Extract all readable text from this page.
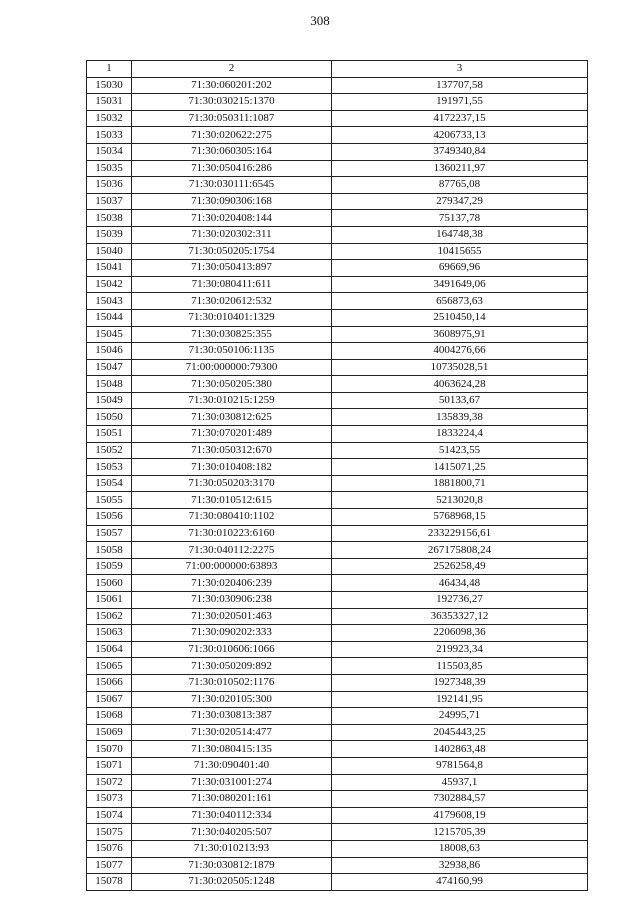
308
1	2	3
15030	71:30:060201:202	137707,58
15031	71:30:030215:1370	191971,55
15032	71:30:050311:1087	4172237,15
15033	71:30:020622:275	4206733,13
15034	71:30:060305:164	3749340,84
15035	71:30:050416:286	1360211,97
15036	71:30:030111:6545	87765,08
15037	71:30:090306:168	279347,29
15038	71:30:020408:144	75137,78
15039	71:30:020302:311	164748,38
15040	71:30:050205:1754	10415655
15041	71:30:050413:897	69669,96
15042	71:30:080411:611	3491649,06
15043	71:30:020612:532	656873,63
15044	71:30:010401:1329	2510450,14
15045	71:30:030825:355	3608975,91
15046	71:30:050106:1135	4004276,66
15047	71:00:000000:79300	10735028,51
15048	71:30:050205:380	4063624,28
15049	71:30:010215:1259	50133,67
15050	71:30:030812:625	135839,38
15051	71:30:070201:489	1833224,4
15052	71:30:050312:670	51423,55
15053	71:30:010408:182	1415071,25
15054	71:30:050203:3170	1881800,71
15055	71:30:010512:615	5213020,8
15056	71:30:080410:1102	5768968,15
15057	71:30:010223:6160	233229156,61
15058	71:30:040112:2275	267175808,24
15059	71:00:000000:63893	2526258,49
15060	71:30:020406:239	46434,48
15061	71:30:030906:238	192736,27
15062	71:30:020501:463	36353327,12
15063	71:30:090202:333	2206098,36
15064	71:30:010606:1066	219923,34
15065	71:30:050209:892	115503,85
15066	71:30:010502:1176	1927348,39
15067	71:30:020105:300	192141,95
15068	71:30:030813:387	24995,71
15069	71:30:020514:477	2045443,25
15070	71:30:080415:135	1402863,48
15071	71:30:090401:40	9781564,8
15072	71:30:031001:274	45937,1
15073	71:30:080201:161	7302884,57
15074	71:30:040112:334	4179608,19
15075	71:30:040205:507	1215705,39
15076	71:30:010213:93	18008,63
15077	71:30:030812:1879	32938,86
15078	71:30:020505:1248	474160,99
